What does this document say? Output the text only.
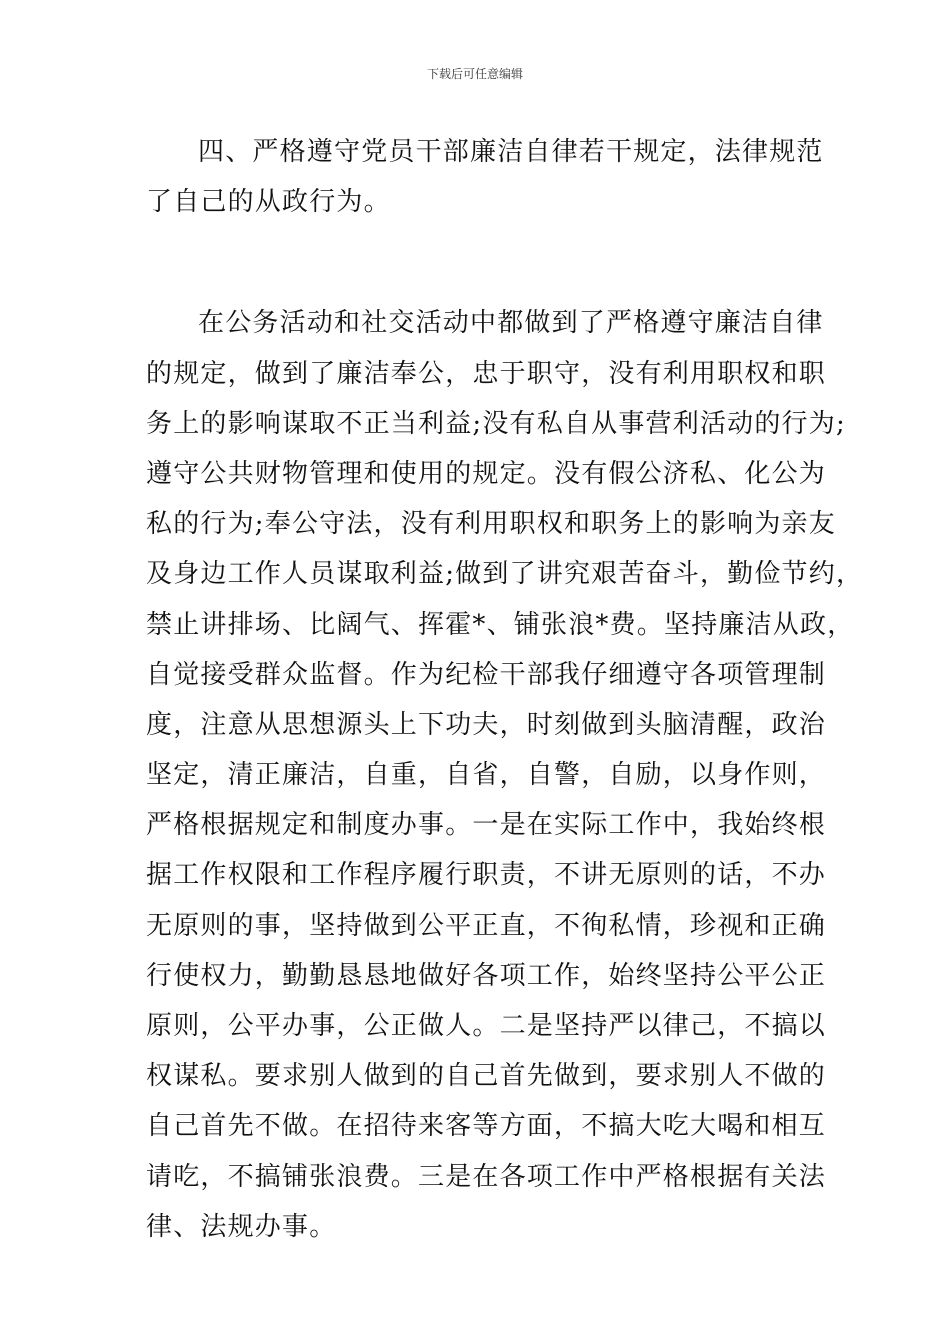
下载后可任意编辑
四、严格遵守党员干部廉洁自律若干规定，法律规范
了自己的从政行为。
在公务活动和社交活动中都做到了严格遵守廉洁自律
的规定，做到了廉洁奉公，忠于职守，没有利用职权和职
务上的影响谋取不正当利益;没有私自从事营利活动的行为;
遵守公共财物管理和使用的规定。没有假公济私、化公为
私的行为;奉公守法，没有利用职权和职务上的影响为亲友
及身边工作人员谋取利益;做到了讲究艰苦奋斗，勤俭节约，
禁止讲排场、比阔气、挥霍*、铺张浪*费。坚持廉洁从政，
自觉接受群众监督。作为纪检干部我仔细遵守各项管理制
度，注意从思想源头上下功夫，时刻做到头脑清醒，政治
坚定，清正廉洁，自重，自省，自警，自励，以身作则，
严格根据规定和制度办事。一是在实际工作中，我始终根
据工作权限和工作程序履行职责，不讲无原则的话，不办
无原则的事，坚持做到公平正直，不徇私情，珍视和正确
行使权力，勤勤恳恳地做好各项工作，始终坚持公平公正
原则，公平办事，公正做人。二是坚持严以律己，不搞以
权谋私。要求别人做到的自己首先做到，要求别人不做的
自己首先不做。在招待来客等方面，不搞大吃大喝和相互
请吃，不搞铺张浪费。三是在各项工作中严格根据有关法
律、法规办事。
